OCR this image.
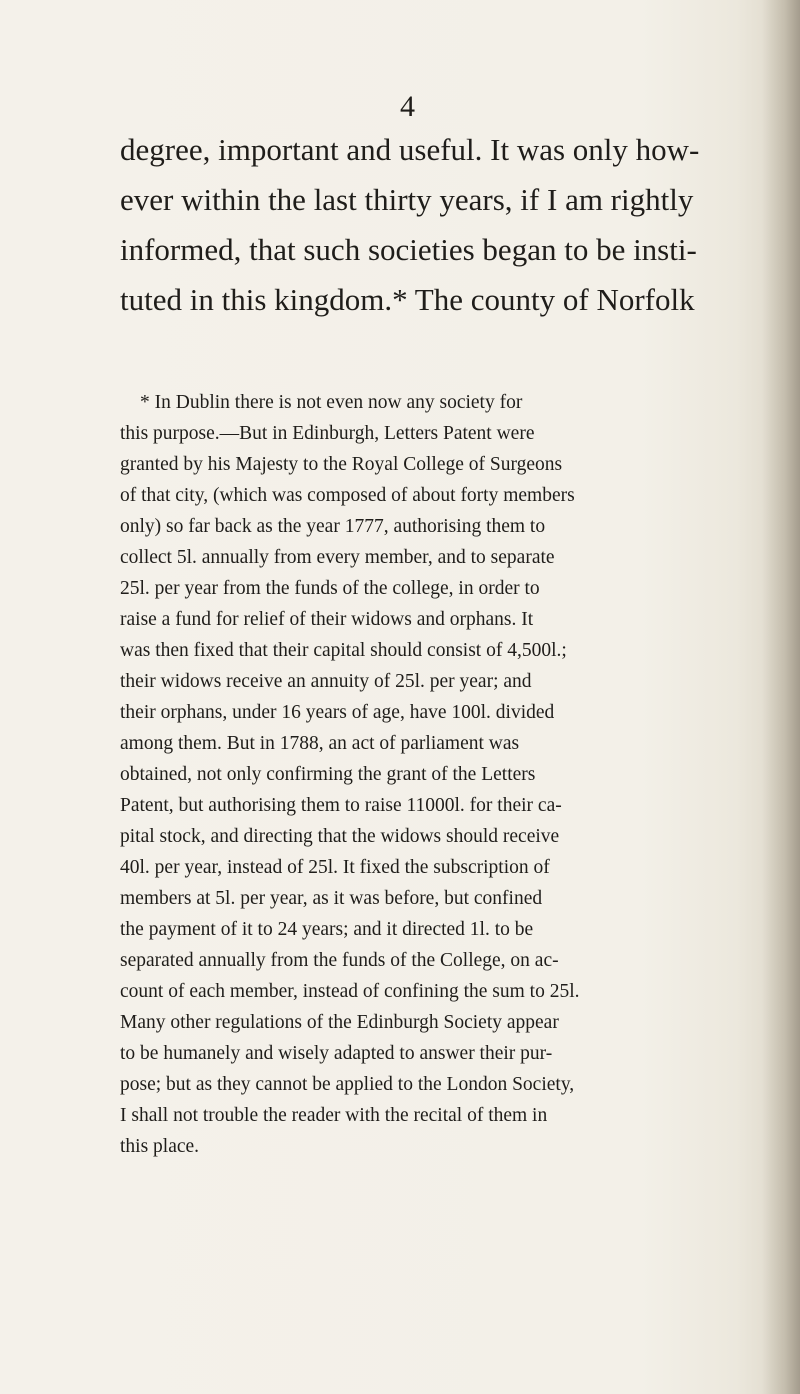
4
degree, important and useful. It was only how-
ever within the last thirty years, if I am rightly
informed, that such societies began to be insti-
tuted in this kingdom.* The county of Norfolk
* In Dublin there is not even now any society for
this purpose.—But in Edinburgh, Letters Patent were
granted by his Majesty to the Royal College of Surgeons
of that city, (which was composed of about forty members
only) so far back as the year 1777, authorising them to
collect 5l. annually from every member, and to separate
25l. per year from the funds of the college, in order to
raise a fund for relief of their widows and orphans. It
was then fixed that their capital should consist of 4,500l.;
their widows receive an annuity of 25l. per year; and
their orphans, under 16 years of age, have 100l. divided
among them. But in 1788, an act of parliament was
obtained, not only confirming the grant of the Letters
Patent, but authorising them to raise 11000l. for their ca-
pital stock, and directing that the widows should receive
40l. per year, instead of 25l. It fixed the subscription of
members at 5l. per year, as it was before, but confined
the payment of it to 24 years; and it directed 1l. to be
separated annually from the funds of the College, on ac-
count of each member, instead of confining the sum to 25l.
Many other regulations of the Edinburgh Society appear
to be humanely and wisely adapted to answer their pur-
pose; but as they cannot be applied to the London Society,
I shall not trouble the reader with the recital of them in
this place.
